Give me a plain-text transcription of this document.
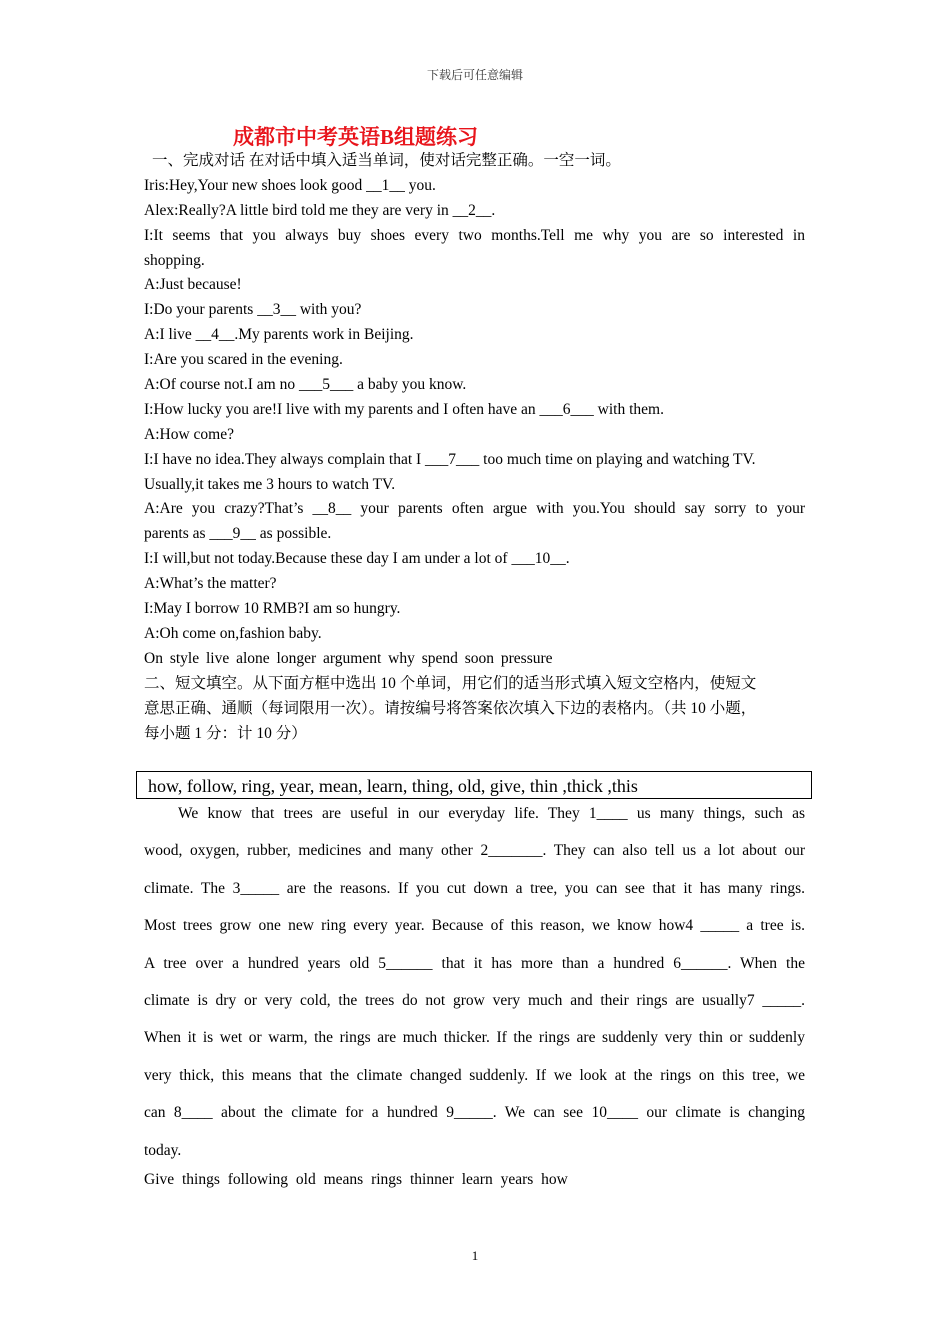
下载后可任意编辑
成都市中考英语B组题练习
一、完成对话 在对话中填入适当单词，使对话完整正确。一空一词。
Iris:Hey,Your new shoes look good __1__ you.
Alex:Really?A little bird told me they are very in __2__.
I:It seems that you always buy shoes every two months.Tell me why you are so interested in
shopping.
A:Just because!
I:Do your parents __3__ with you?
A:I live __4__.My parents work in Beijing.
I:Are you scared in the evening.
A:Of course not.I am no ___5___ a baby you know.
I:How lucky you are!I live with my parents and I often have an ___6___ with them.
A:How come?
I:I have no idea.They always complain that I ___7___ too much time on playing and watching TV.
Usually,it takes me 3 hours to watch TV.
A:Are you crazy?That’s __8__ your parents often argue with you.You should say sorry to your
parents as ___9__ as possible.
I:I will,but not today.Because these day I am under a lot of ___10__.
A:What’s the matter?
I:May I borrow 10 RMB?I am so hungry.
A:Oh come on,fashion baby.
On style live alone longer argument why spend soon pressure
二、短文填空。从下面方框中选出 10 个单词，用它们的适当形式填入短文空格内，使短文
意思正确、通顺（每词限用一次）。请按编号将答案依次填入下边的表格内。（共 10 小题，
每小题 1 分：计 10 分）
how, follow, ring, year, mean, learn, thing, old, give, thin ,thick ,this
We know that trees are useful in our everyday life. They 1____ us many things, such as
wood, oxygen, rubber, medicines and many other 2_______. They can also tell us a lot about our
climate. The 3_____ are the reasons. If you cut down a tree, you can see that it has many rings.
Most trees grow one new ring every year. Because of this reason, we know how4 _____ a tree is.
A tree over a hundred years old 5______ that it has more than a hundred 6______. When the
climate is dry or very cold, the trees do not grow very much and their rings are usually7 _____.
When it is wet or warm, the rings are much thicker. If the rings are suddenly very thin or suddenly
very thick, this means that the climate changed suddenly. If we look at the rings on this tree, we
can 8____ about the climate for a hundred 9_____. We can see 10____ our climate is changing
today.
Give things following old means rings thinner learn years how
1
